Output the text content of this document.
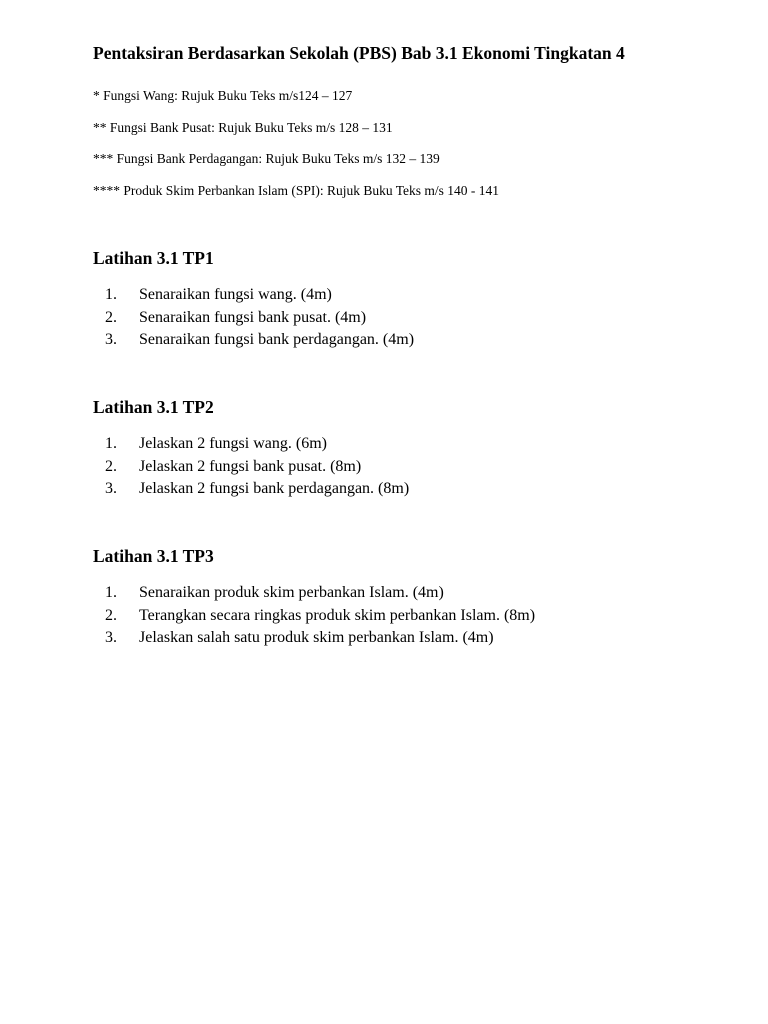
Pentaksiran Berdasarkan Sekolah (PBS) Bab 3.1 Ekonomi Tingkatan 4
* Fungsi Wang: Rujuk Buku Teks m/s124 – 127
** Fungsi Bank Pusat: Rujuk Buku Teks m/s 128 – 131
*** Fungsi Bank Perdagangan: Rujuk Buku Teks m/s 132 – 139
**** Produk Skim Perbankan Islam (SPI): Rujuk Buku Teks m/s 140 - 141
Latihan 3.1 TP1
1. Senaraikan fungsi wang. (4m)
2. Senaraikan fungsi bank pusat. (4m)
3. Senaraikan fungsi bank perdagangan. (4m)
Latihan 3.1 TP2
1. Jelaskan 2 fungsi wang. (6m)
2. Jelaskan 2 fungsi bank pusat. (8m)
3. Jelaskan 2 fungsi bank perdagangan. (8m)
Latihan 3.1 TP3
1. Senaraikan produk skim perbankan Islam. (4m)
2. Terangkan secara ringkas produk skim perbankan Islam. (8m)
3. Jelaskan salah satu produk skim perbankan Islam. (4m)
